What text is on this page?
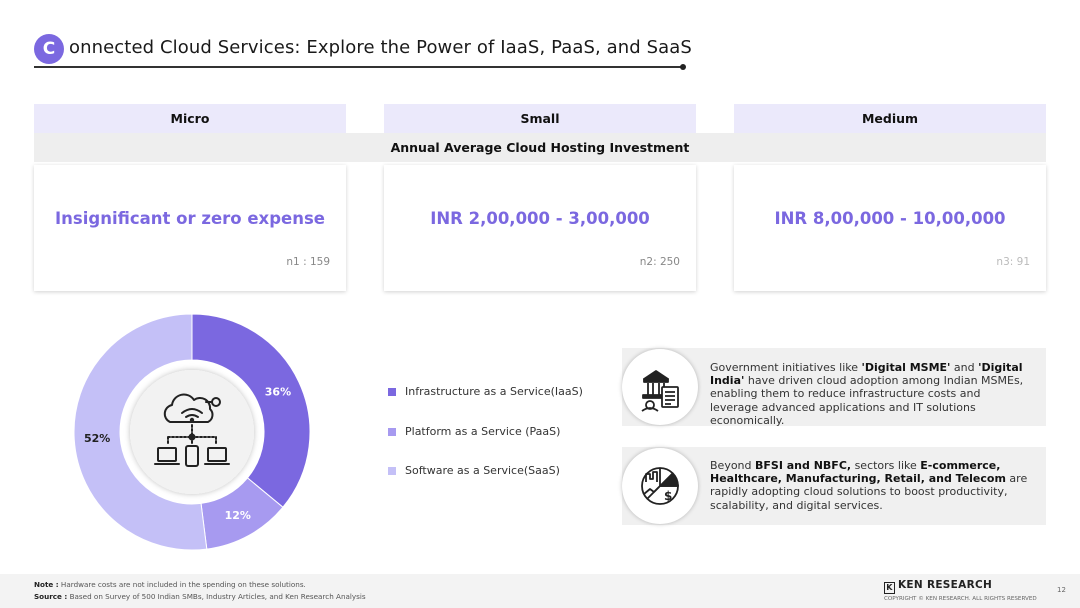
C onnected Cloud Services: Explore the Power of IaaS, PaaS, and SaaS
Micro	Small	Medium
Annual Average Cloud Hosting Investment
Insignificant or zero expense
n1 : 159
INR 2,00,000 - 3,00,000
n2: 250
INR 8,00,000 - 10,00,000
n3: 91
36%
12%
52%
Infrastructure as a Service(IaaS)
Platform as a Service (PaaS)
Software as a Service(SaaS)
Government initiatives like 'Digital MSME' and 'Digital India' have driven cloud adoption among Indian MSMEs, enabling them to reduce infrastructure costs and leverage advanced applications and IT solutions economically.
$
Beyond BFSI and NBFC, sectors like E-commerce, Healthcare, Manufacturing, Retail, and Telecom are rapidly adopting cloud solutions to boost productivity, scalability, and digital services.
Note : Hardware costs are not included in the spending on these solutions.
Source : Based on Survey of 500 Indian SMBs, Industry Articles, and Ken Research Analysis
K KEN RESEARCH
COPYRIGHT © KEN RESEARCH. ALL RIGHTS RESERVED
12
